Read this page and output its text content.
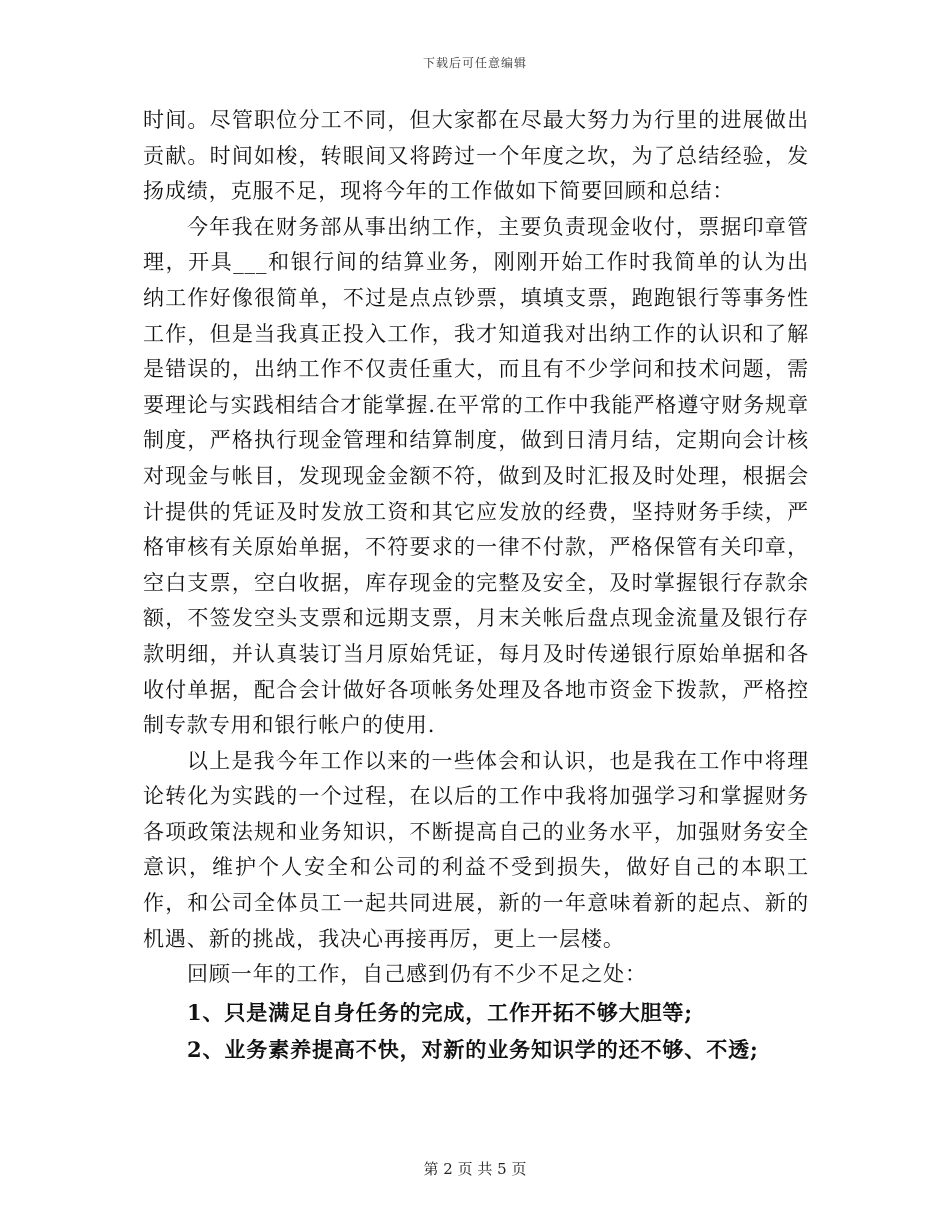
下载后可任意编辑

时间。尽管职位分工不同，但大家都在尽最大努力为行里的进展做出贡献。时间如梭，转眼间又将跨过一个年度之坎，为了总结经验，发扬成绩，克服不足，现将今年的工作做如下简要回顾和总结：

今年我在财务部从事出纳工作，主要负责现金收付，票据印章管理，开具___和银行间的结算业务，刚刚开始工作时我简单的认为出纳工作好像很简单，不过是点点钞票，填填支票，跑跑银行等事务性工作，但是当我真正投入工作，我才知道我对出纳工作的认识和了解是错误的，出纳工作不仅责任重大，而且有不少学问和技术问题，需要理论与实践相结合才能掌握.在平常的工作中我能严格遵守财务规章制度，严格执行现金管理和结算制度，做到日清月结，定期向会计核对现金与帐目，发现现金金额不符，做到及时汇报及时处理，根据会计提供的凭证及时发放工资和其它应发放的经费，坚持财务手续，严格审核有关原始单据，不符要求的一律不付款，严格保管有关印章，空白支票，空白收据，库存现金的完整及安全，及时掌握银行存款余额，不签发空头支票和远期支票，月末关帐后盘点现金流量及银行存款明细，并认真装订当月原始凭证，每月及时传递银行原始单据和各收付单据，配合会计做好各项帐务处理及各地市资金下拨款，严格控制专款专用和银行帐户的使用.

以上是我今年工作以来的一些体会和认识，也是我在工作中将理论转化为实践的一个过程，在以后的工作中我将加强学习和掌握财务各项政策法规和业务知识，不断提高自己的业务水平，加强财务安全意识，维护个人安全和公司的利益不受到损失，做好自己的本职工作，和公司全体员工一起共同进展，新的一年意味着新的起点、新的机遇、新的挑战，我决心再接再厉，更上一层楼。

回顾一年的工作，自己感到仍有不少不足之处：

1、只是满足自身任务的完成，工作开拓不够大胆等;

2、业务素养提高不快，对新的业务知识学的还不够、不透;

第 2 页 共 5 页
